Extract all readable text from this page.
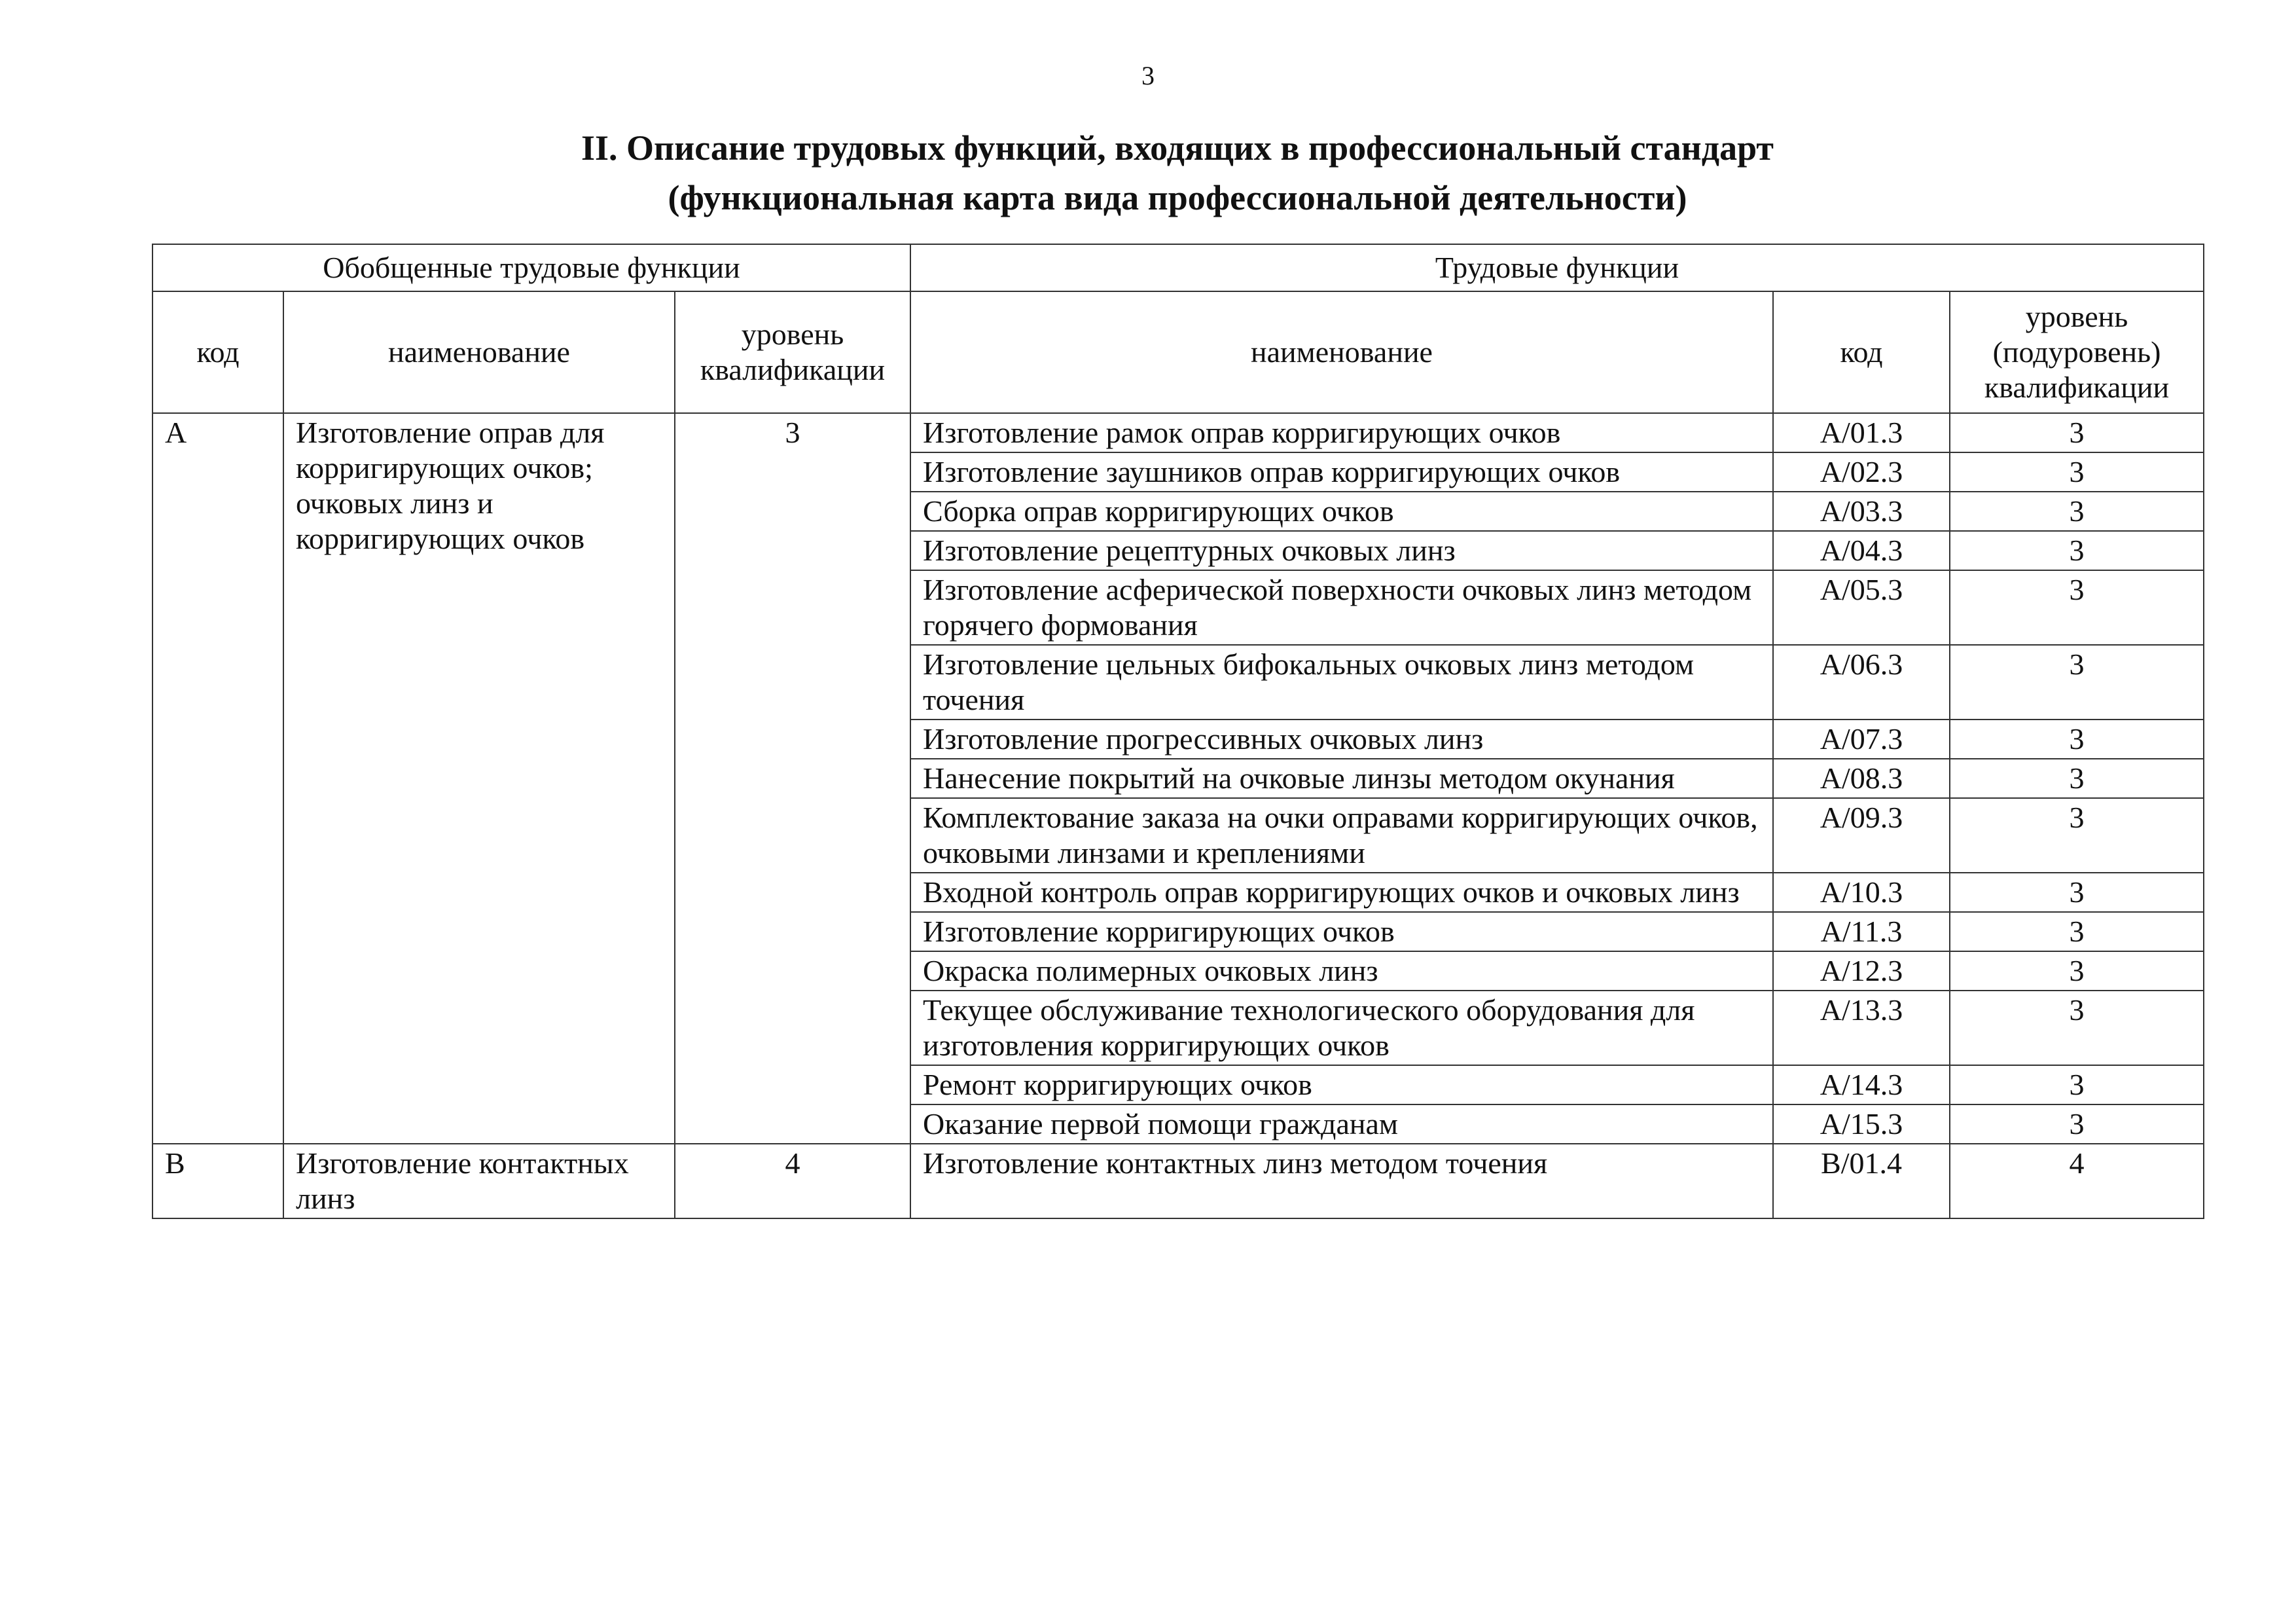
3
II. Описание трудовых функций, входящих в профессиональный стандарт
(функциональная карта вида профессиональной деятельности)
Обобщенные трудовые функции			Трудовые функции		
код	наименование	уровень квалификации	наименование	код	уровень (подуровень) квалификации
А	Изготовление оправ для корригирующих очков; очковых линз и корригирующих очков	3	Изготовление рамок оправ корригирующих очков	А/01.3	3
			Изготовление заушников оправ корригирующих очков	А/02.3	3
			Сборка оправ корригирующих очков	А/03.3	3
			Изготовление рецептурных очковых линз	А/04.3	3
			Изготовление асферической поверхности очковых линз методом горячего формования	А/05.3	3
			Изготовление цельных бифокальных очковых линз методом точения	А/06.3	3
			Изготовление прогрессивных очковых линз	А/07.3	3
			Нанесение покрытий на очковые линзы методом окунания	А/08.3	3
			Комплектование заказа на очки оправами корригирующих очков, очковыми линзами и креплениями	А/09.3	3
			Входной контроль оправ корригирующих очков и очковых линз	А/10.3	3
			Изготовление корригирующих очков	А/11.3	3
			Окраска полимерных очковых линз	А/12.3	3
			Текущее обслуживание технологического оборудования для изготовления корригирующих очков	А/13.3	3
			Ремонт корригирующих очков	А/14.3	3
			Оказание первой помощи гражданам	А/15.3	3
В	Изготовление контактных линз	4	Изготовление контактных линз методом точения	В/01.4	4
